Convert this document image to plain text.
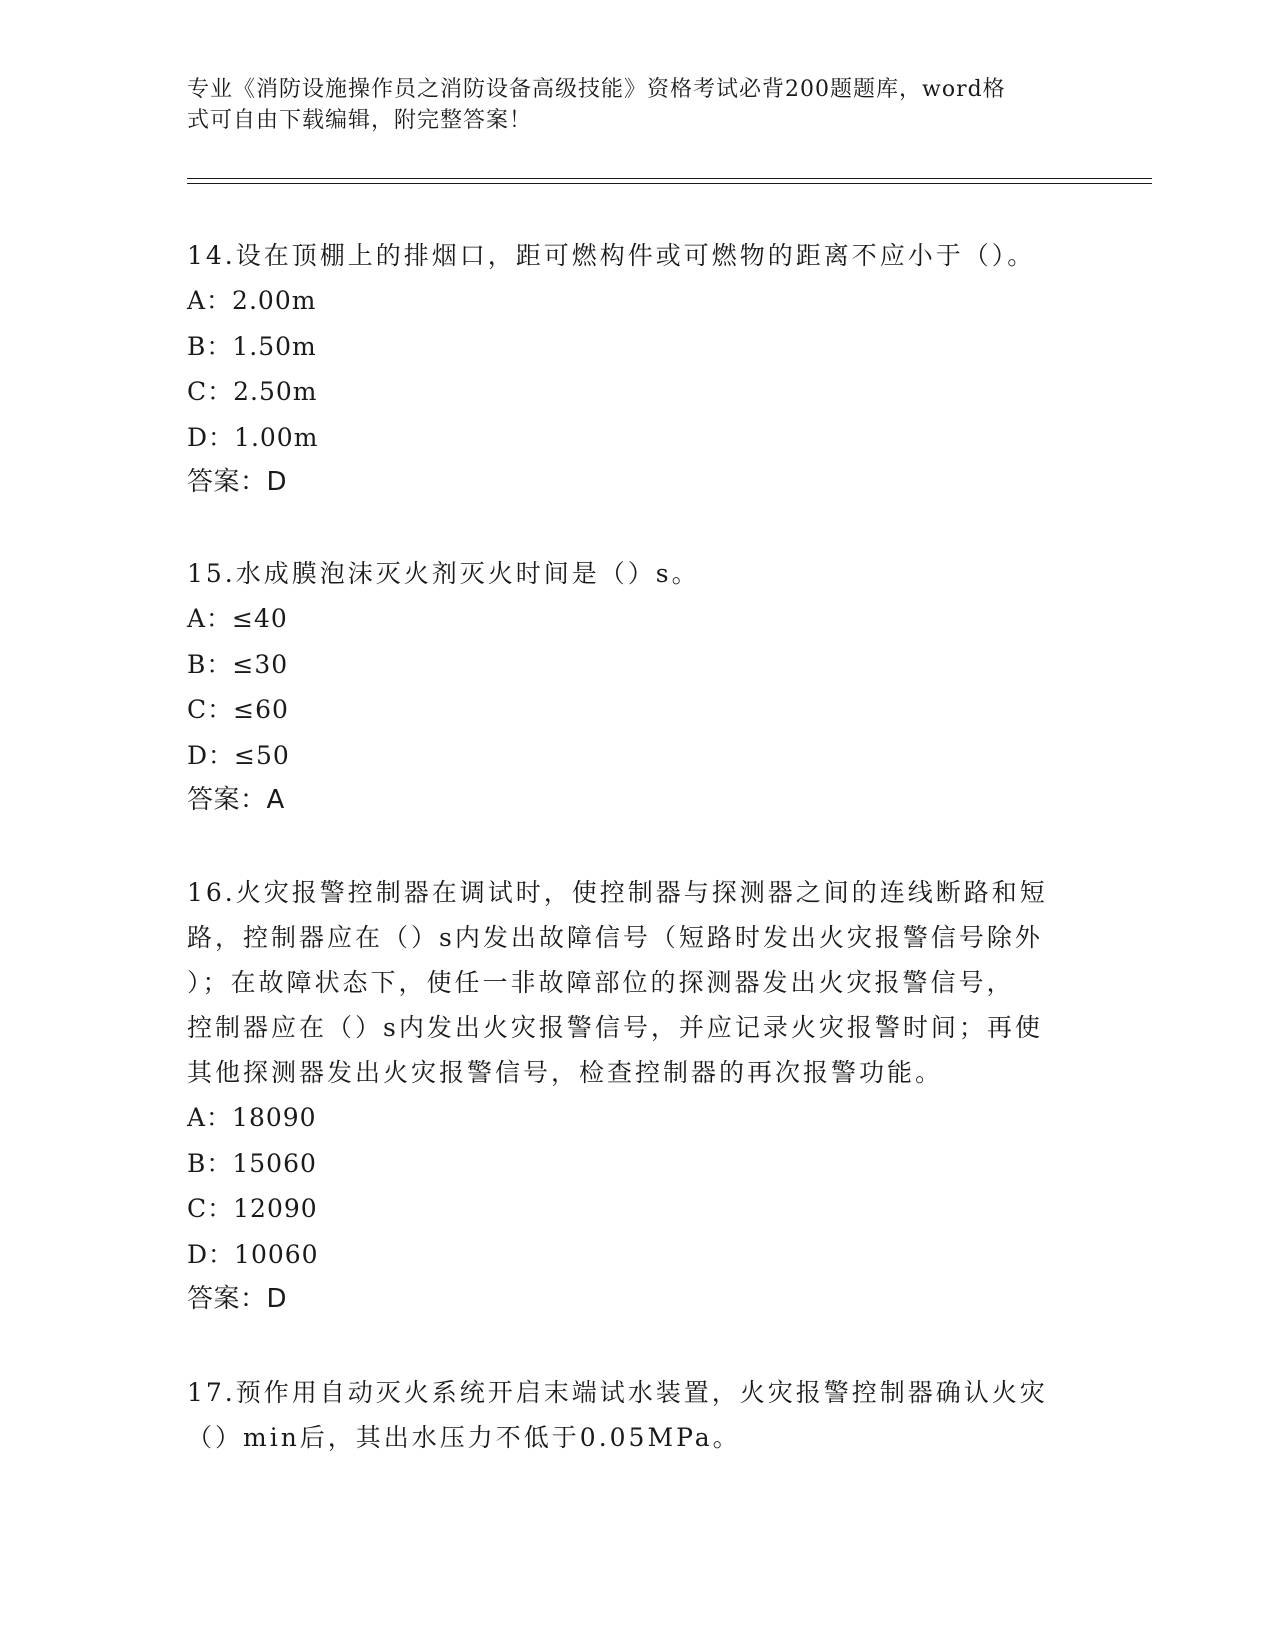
专业《消防设施操作员之消防设备高级技能》资格考试必背200题题库，word格
式可自由下载编辑，附完整答案！

14.设在顶棚上的排烟口，距可燃构件或可燃物的距离不应小于（）。

A：2.00m
B：1.50m
C：2.50m
D：1.00m
答案：D

15.水成膜泡沫灭火剂灭火时间是（）s。

A：≤40
B：≤30
C：≤60
D：≤50
答案：A
16.火灾报警控制器在调试时，使控制器与探测器之间的连线断路和短
路，控制器应在（）s内发出故障信号（短路时发出火灾报警信号除外
）；在故障状态下，使任一非故障部位的探测器发出火灾报警信号，
控制器应在（）s内发出火灾报警信号，并应记录火灾报警时间；再使
其他探测器发出火灾报警信号，检查控制器的再次报警功能。
A：18090
B：15060
C：12090
D：10060
答案：D
17.预作用自动灭火系统开启末端试水装置，火灾报警控制器确认火灾
（）min后，其出水压力不低于0.05MPa。
